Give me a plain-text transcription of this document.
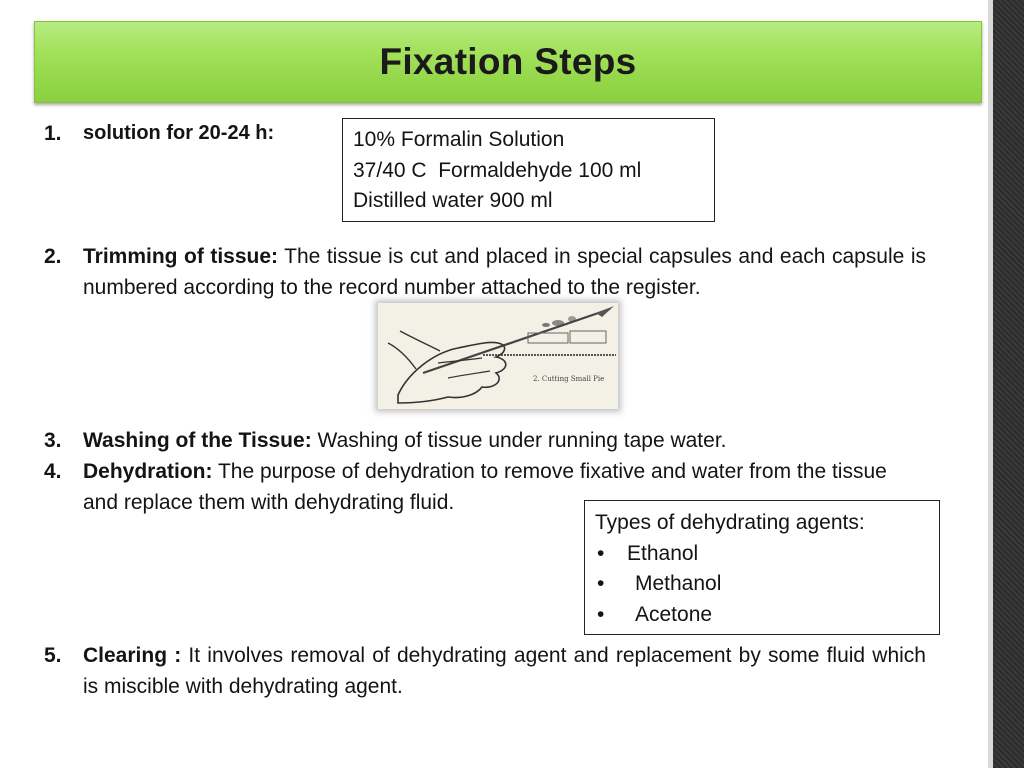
Fixation Steps
1.	solution for 20-24 h:	10% Formalin Solution
37/40 C  Formaldehyde 100 ml
Distilled water 900 ml
2.	Trimming of tissue: The tissue is cut and placed in special capsules and each capsule is numbered according to the record number attached to the register.
2. Cutting Small Pie
3.	Washing of the Tissue: Washing of tissue under running tape water.
4.	Dehydration: The purpose of dehydration to remove fixative and water from the tissue and replace them with dehydrating fluid.
Types of dehydrating agents:
•	Ethanol
•	Methanol
•	Acetone
5.	Clearing : It involves removal of dehydrating agent and replacement by some fluid which is miscible with dehydrating agent.
